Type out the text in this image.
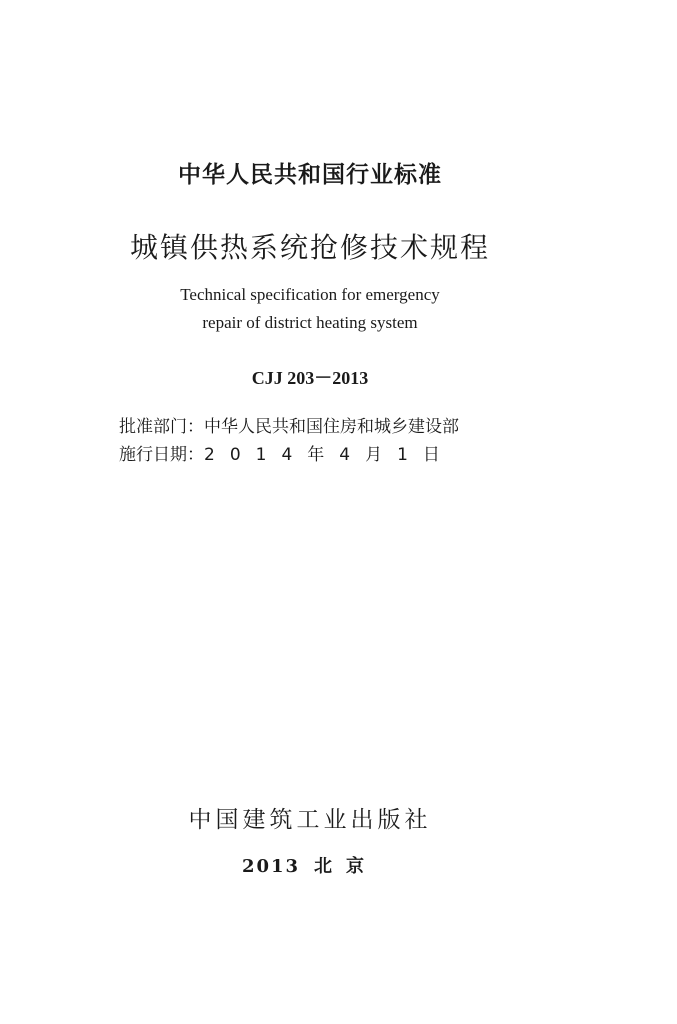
中华人民共和国行业标准
城镇供热系统抢修技术规程
Technical specification for emergency
repair of district heating system
CJJ 203－2013
批准部门：中华人民共和国住房和城乡建设部
施行日期：2014年4月1日
中国建筑工业出版社
2013 北京
